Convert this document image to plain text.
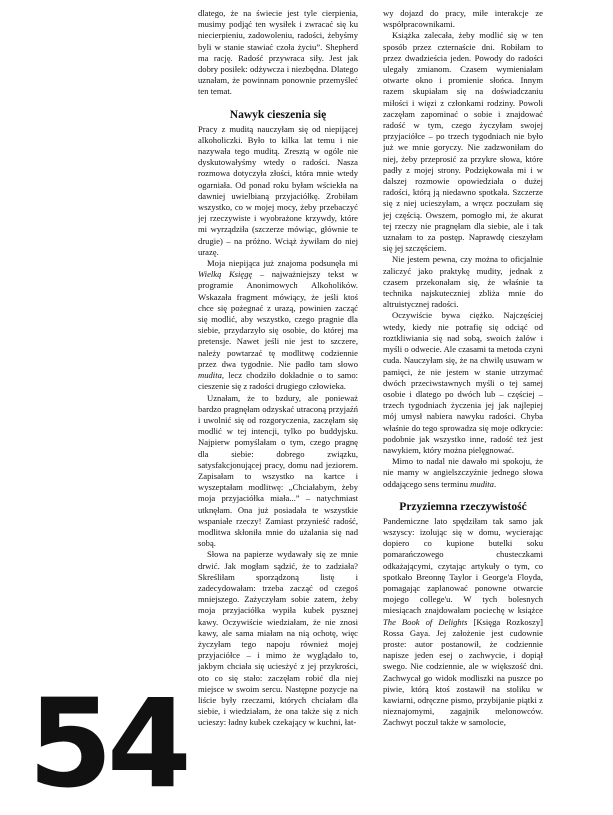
dlatego, że na świecie jest tyle cierpienia, musimy podjąć ten wysiłek i zwracać się ku niecierpieniu, zadowoleniu, radości, żebyśmy byli w stanie stawiać czoła życiu”. Shepherd ma rację. Radość przywraca siły. Jest jak dobry posiłek: odżywcza i niezbędna. Dlatego uznałam, że powinnam ponownie przemyśleć ten temat.

Nawyk cieszenia się

Pracy z muditą nauczyłam się od niepijącej alkoholiczki. Było to kilka lat temu i nie nazywała tego muditą. Zresztą w ogóle nie dyskutowałyśmy wtedy o radości. Nasza rozmowa dotyczyła złości, która mnie wtedy ogarniała. Od ponad roku byłam wściekła na dawniej uwielbianą przyjaciółkę. Zrobiłam wszystko, co w mojej mocy, żeby przebaczyć jej rzeczywiste i wyobrażone krzywdy, które mi wyrządziła (szczerze mówiąc, głównie te drugie) – na próżno. Wciąż żywiłam do niej urazę.

Moja niepijąca już znajoma podsunęła mi Wielką Księgę – najważniejszy tekst w programie Anonimowych Alkoholików. Wskazała fragment mówiący, że jeśli ktoś chce się pożegnać z urazą, powinien zacząć się modlić, aby wszystko, czego pragnie dla siebie, przydarzyło się osobie, do której ma pretensje. Nawet jeśli nie jest to szczere, należy powtarzać tę modlitwę codziennie przez dwa tygodnie. Nie padło tam słowo mudita, lecz chodziło dokładnie o to samo: cieszenie się z radości drugiego człowieka.

Uznałam, że to bzdury, ale ponieważ bardzo pragnęłam odzyskać utraconą przyjaźń i uwolnić się od rozgoryczenia, zaczęłam się modlić w tej intencji, tylko po buddyjsku. Najpierw pomyślałam o tym, czego pragnę dla siebie: dobrego związku, satysfakcjonującej pracy, domu nad jeziorem. Zapisałam to wszystko na kartce i wyszeptałam modlitwę: „Chciałabym, żeby moja przyjaciółka miała...” – natychmiast utknęłam. Ona już posiadała te wszystkie wspaniałe rzeczy! Zamiast przynieść radość, modlitwa skłoniła mnie do użalania się nad sobą.

Słowa na papierze wydawały się ze mnie drwić. Jak mogłam sądzić, że to zadziała? Skreśliłam sporządzoną listę i zadecydowałam: trzeba zacząć od czegoś mniejszego. Zażyczyłam sobie zatem, żeby moja przyjaciółka wypiła kubek pysznej kawy. Oczywiście wiedziałam, że nie znosi kawy, ale sama miałam na nią ochotę, więc życzyłam tego napoju również mojej przyjaciółce – i mimo że wyglądało to, jakbym chciała się uciesżyć z jej przykrości, oto co się stało: zaczęłam robić dla niej miejsce w swoim sercu. Następne pozycje na liście były rzeczami, których chciałam dla siebie, i wiedziałam, że ona także się z nich ucieszy: ładny kubek czekający w kuchni, łat-

wy dojazd do pracy, miłe interakcje ze współpracownikami.

Książka zalecała, żeby modlić się w ten sposób przez czternaście dni. Robiłam to przez dwadzieścia jeden. Powody do radości ulegały zmianom. Czasem wymieniałam otwarte okno i promienie słońca. Innym razem skupiałam się na doświadczaniu miłości i więzi z członkami rodziny. Powoli zaczęłam zapominać o sobie i znajdować radość w tym, czego życzyłam swojej przyjaciółce – po trzech tygodniach nie było już we mnie goryczy. Nie zadzwoniłam do niej, żeby przeprosić za przykre słowa, które padły z mojej strony. Podziękowała mi i w dalszej rozmowie opowiedziała o dużej radości, którą ją niedawno spotkała. Szczerze się z niej ucieszyłam, a wręcz poczułam się jej częścią. Owszem, pomogło mi, że akurat tej rzeczy nie pragnęłam dla siebie, ale i tak uznałam to za postęp. Naprawdę cieszyłam się jej szczęściem.

Nie jestem pewna, czy można to oficjalnie zaliczyć jako praktykę mudity, jednak z czasem przekonałam się, że właśnie ta technika najskuteczniej zbliża mnie do altruistycznej radości.

Oczywiście bywa ciężko. Najczęściej wtedy, kiedy nie potrafię się odciąć od roztkliwiania się nad sobą, swoich żalów i myśli o odwecie. Ale czasami ta metoda czyni cuda. Nauczyłam się, że na chwilę usuwam w pamięci, że nie jestem w stanie utrzymać dwóch przeciwstawnych myśli o tej samej osobie i dlatego po dwóch lub – częściej – trzech tygodniach życzenia jej jak najlepiej mój umysł nabiera nawyku radości. Chyba właśnie do tego sprowadza się moje odkrycie: podobnie jak wszystko inne, radość też jest nawykiem, który można pielęgnować.

Mimo to nadal nie dawało mi spokoju, że nie mamy w angielszczyźnie jednego słowa oddającego sens terminu mudita.

Przyziemna rzeczywistość

Pandemiczne lato spędziłam tak samo jak wszyscy: izolując się w domu, wycierając dopiero co kupione butelki soku pomarańczowego chusteczkami odkażającymi, czytając artykuły o tym, co spotkało Breonnę Taylor i George'a Floyda, pomagając zaplanować ponowne otwarcie mojego college'u. W tych bolesnych miesiącach znajdowałam pociechę w książce The Book of Delights [Księga Rozkoszy] Rossa Gaya. Jej założenie jest cudownie proste: autor postanowił, że codziennie napisze jeden esej o zachwycie, i dopiął swego. Nie codziennie, ale w większość dni. Zachwycał go widok modliszki na puszce po piwie, którą ktoś zostawił na stoliku w kawiarni, odręczne pismo, przybijanie piątki z nieznajomymi, zagajnik melonowców. Zachwyt poczuł także w samolocie,

54
